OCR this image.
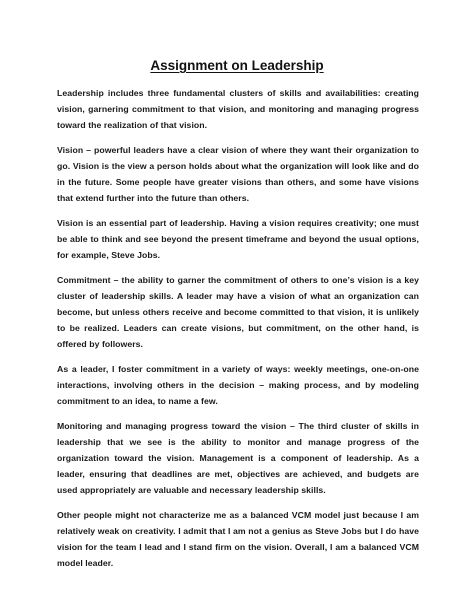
Assignment on Leadership

Leadership includes three fundamental clusters of skills and availabilities: creating vision, garnering commitment to that vision, and monitoring and managing progress toward the realization of that vision.

Vision – powerful leaders have a clear vision of where they want their organization to go. Vision is the view a person holds about what the organization will look like and do in the future. Some people have greater visions than others, and some have visions that extend further into the future than others.

Vision is an essential part of leadership. Having a vision requires creativity; one must be able to think and see beyond the present timeframe and beyond the usual options, for example, Steve Jobs.

Commitment – the ability to garner the commitment of others to one’s vision is a key cluster of leadership skills. A leader may have a vision of what an organization can become, but unless others receive and become committed to that vision, it is unlikely to be realized. Leaders can create visions, but commitment, on the other hand, is offered by followers.

As a leader, I foster commitment in a variety of ways: weekly meetings, one-on-one interactions, involving others in the decision – making process, and by modeling commitment to an idea, to name a few.

Monitoring and managing progress toward the vision – The third cluster of skills in leadership that we see is the ability to monitor and manage progress of the organization toward the vision. Management is a component of leadership. As a leader, ensuring that deadlines are met, objectives are achieved, and budgets are used appropriately are valuable and necessary leadership skills.

Other people might not characterize me as a balanced VCM model just because I am relatively weak on creativity. I admit that I am not a genius as Steve Jobs but I do have vision for the team I lead and I stand firm on the vision. Overall, I am a balanced VCM model leader.
